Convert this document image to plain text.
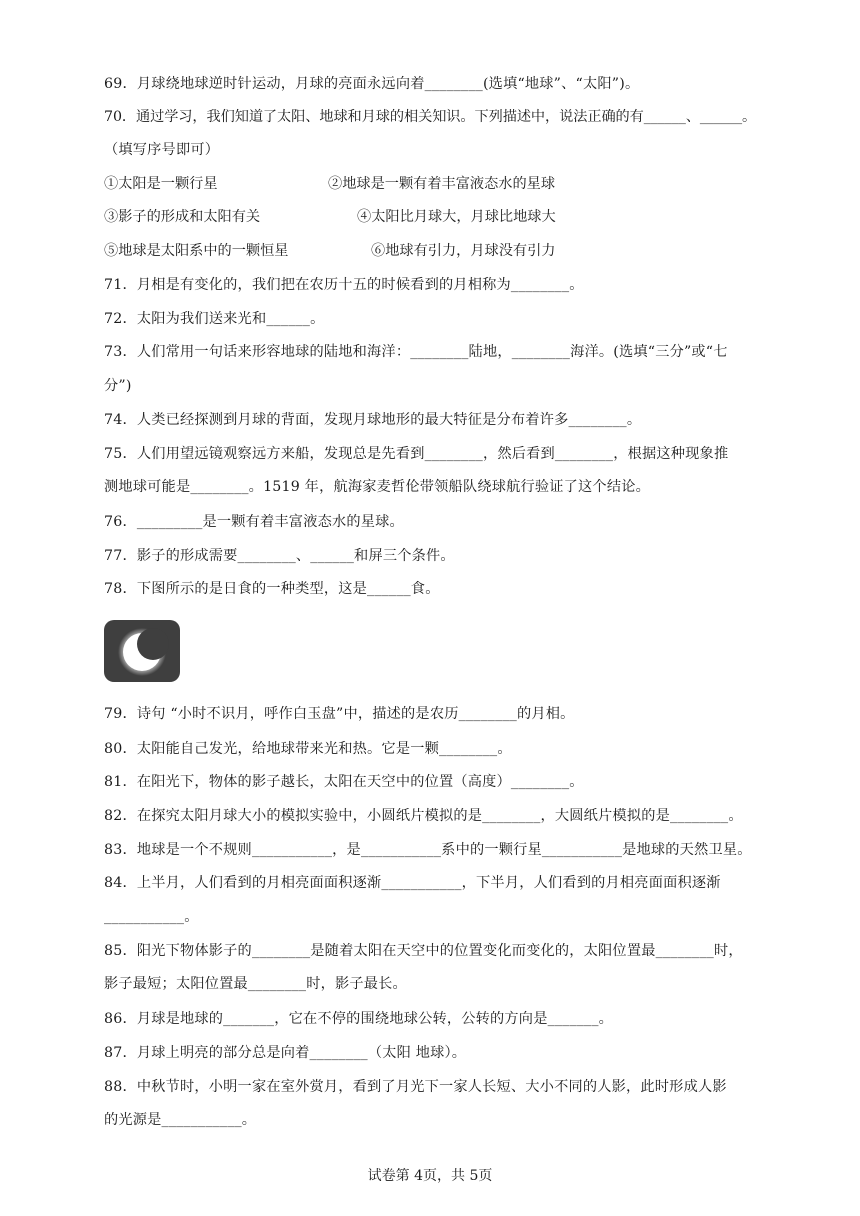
69．月球绕地球逆时针运动，月球的亮面永远向着________(选填“地球”、“太阳”)。
70．通过学习，我们知道了太阳、地球和月球的相关知识。下列描述中，说法正确的有______、______。
（填写序号即可）
①太阳是一颗行星	②地球是一颗有着丰富液态水的星球
③影子的形成和太阳有关	④太阳比月球大，月球比地球大
⑤地球是太阳系中的一颗恒星	⑥地球有引力，月球没有引力
71．月相是有变化的，我们把在农历十五的时候看到的月相称为________。
72．太阳为我们送来光和______。
73．人们常用一句话来形容地球的陆地和海洋：________陆地，________海洋。(选填“三分”或“七
分”)
74．人类已经探测到月球的背面，发现月球地形的最大特征是分布着许多________。
75．人们用望远镜观察远方来船，发现总是先看到________，然后看到________，根据这种现象推
测地球可能是________。1519 年，航海家麦哲伦带领船队绕球航行验证了这个结论。
76．_________是一颗有着丰富液态水的星球。
77．影子的形成需要________、______和屏三个条件。
78．下图所示的是日食的一种类型，这是______食。
79．诗句 “小时不识月，呼作白玉盘”中，描述的是农历________的月相。
80．太阳能自己发光，给地球带来光和热。它是一颗________。
81．在阳光下，物体的影子越长，太阳在天空中的位置（高度）________。
82．在探究太阳月球大小的模拟实验中，小圆纸片模拟的是________，大圆纸片模拟的是________。
83．地球是一个不规则___________，是___________系中的一颗行星___________是地球的天然卫星。
84．上半月，人们看到的月相亮面面积逐渐___________，下半月，人们看到的月相亮面面积逐渐
___________。
85．阳光下物体影子的________是随着太阳在天空中的位置变化而变化的，太阳位置最________时，
影子最短；太阳位置最________时，影子最长。
86．月球是地球的_______，它在不停的围绕地球公转，公转的方向是_______。
87．月球上明亮的部分总是向着________（太阳 地球）。
88．中秋节时，小明一家在室外赏月，看到了月光下一家人长短、大小不同的人影，此时形成人影
的光源是___________。
试卷第 4页，共 5页
